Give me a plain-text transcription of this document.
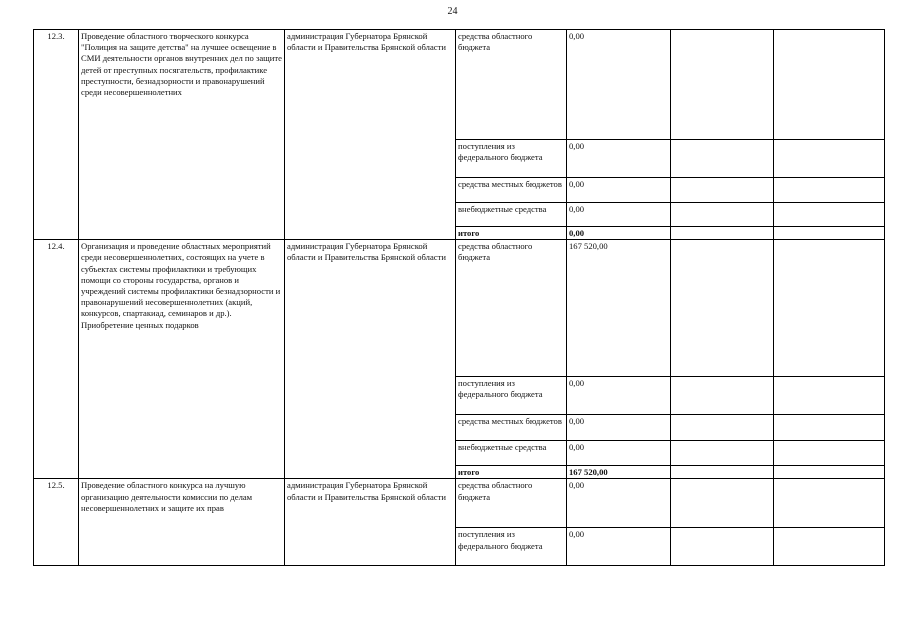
24
12.3.	Проведение областного творческого конкурса "Полиция на защите детства" на лучшее освещение в СМИ деятельности органов внутренних дел по защите детей от преступных посягательств, профилактике преступности, безнадзорности и правонарушений среди несовершеннолетних	администрация Губернатора Брянской области и Правительства Брянской области	средства областного бюджета	0,00		
			поступления из федерального бюджета	0,00		
			средства местных бюджетов	0,00		
			внебюджетные средства	0,00		
			итого	0,00		
12.4.	Организация и проведение областных мероприятий среди несовершеннолетних, состоящих на учете в субъектах системы профилактики и требующих помощи со стороны государства, органов и учреждений системы профилактики безнадзорности и правонарушений несовершеннолетних (акций, конкурсов, спартакиад, семинаров и др.). Приобретение ценных подарков	администрация Губернатора Брянской области и Правительства Брянской области	средства областного бюджета	167 520,00		
			поступления из федерального бюджета	0,00		
			средства местных бюджетов	0,00		
			внебюджетные средства	0,00		
			итого	167 520,00		
12.5.	Проведение областного конкурса на лучшую организацию деятельности комиссии по делам несовершеннолетних и защите их прав	администрация Губернатора Брянской области и Правительства Брянской области	средства областного бюджета	0,00		
			поступления из федерального бюджета	0,00		
